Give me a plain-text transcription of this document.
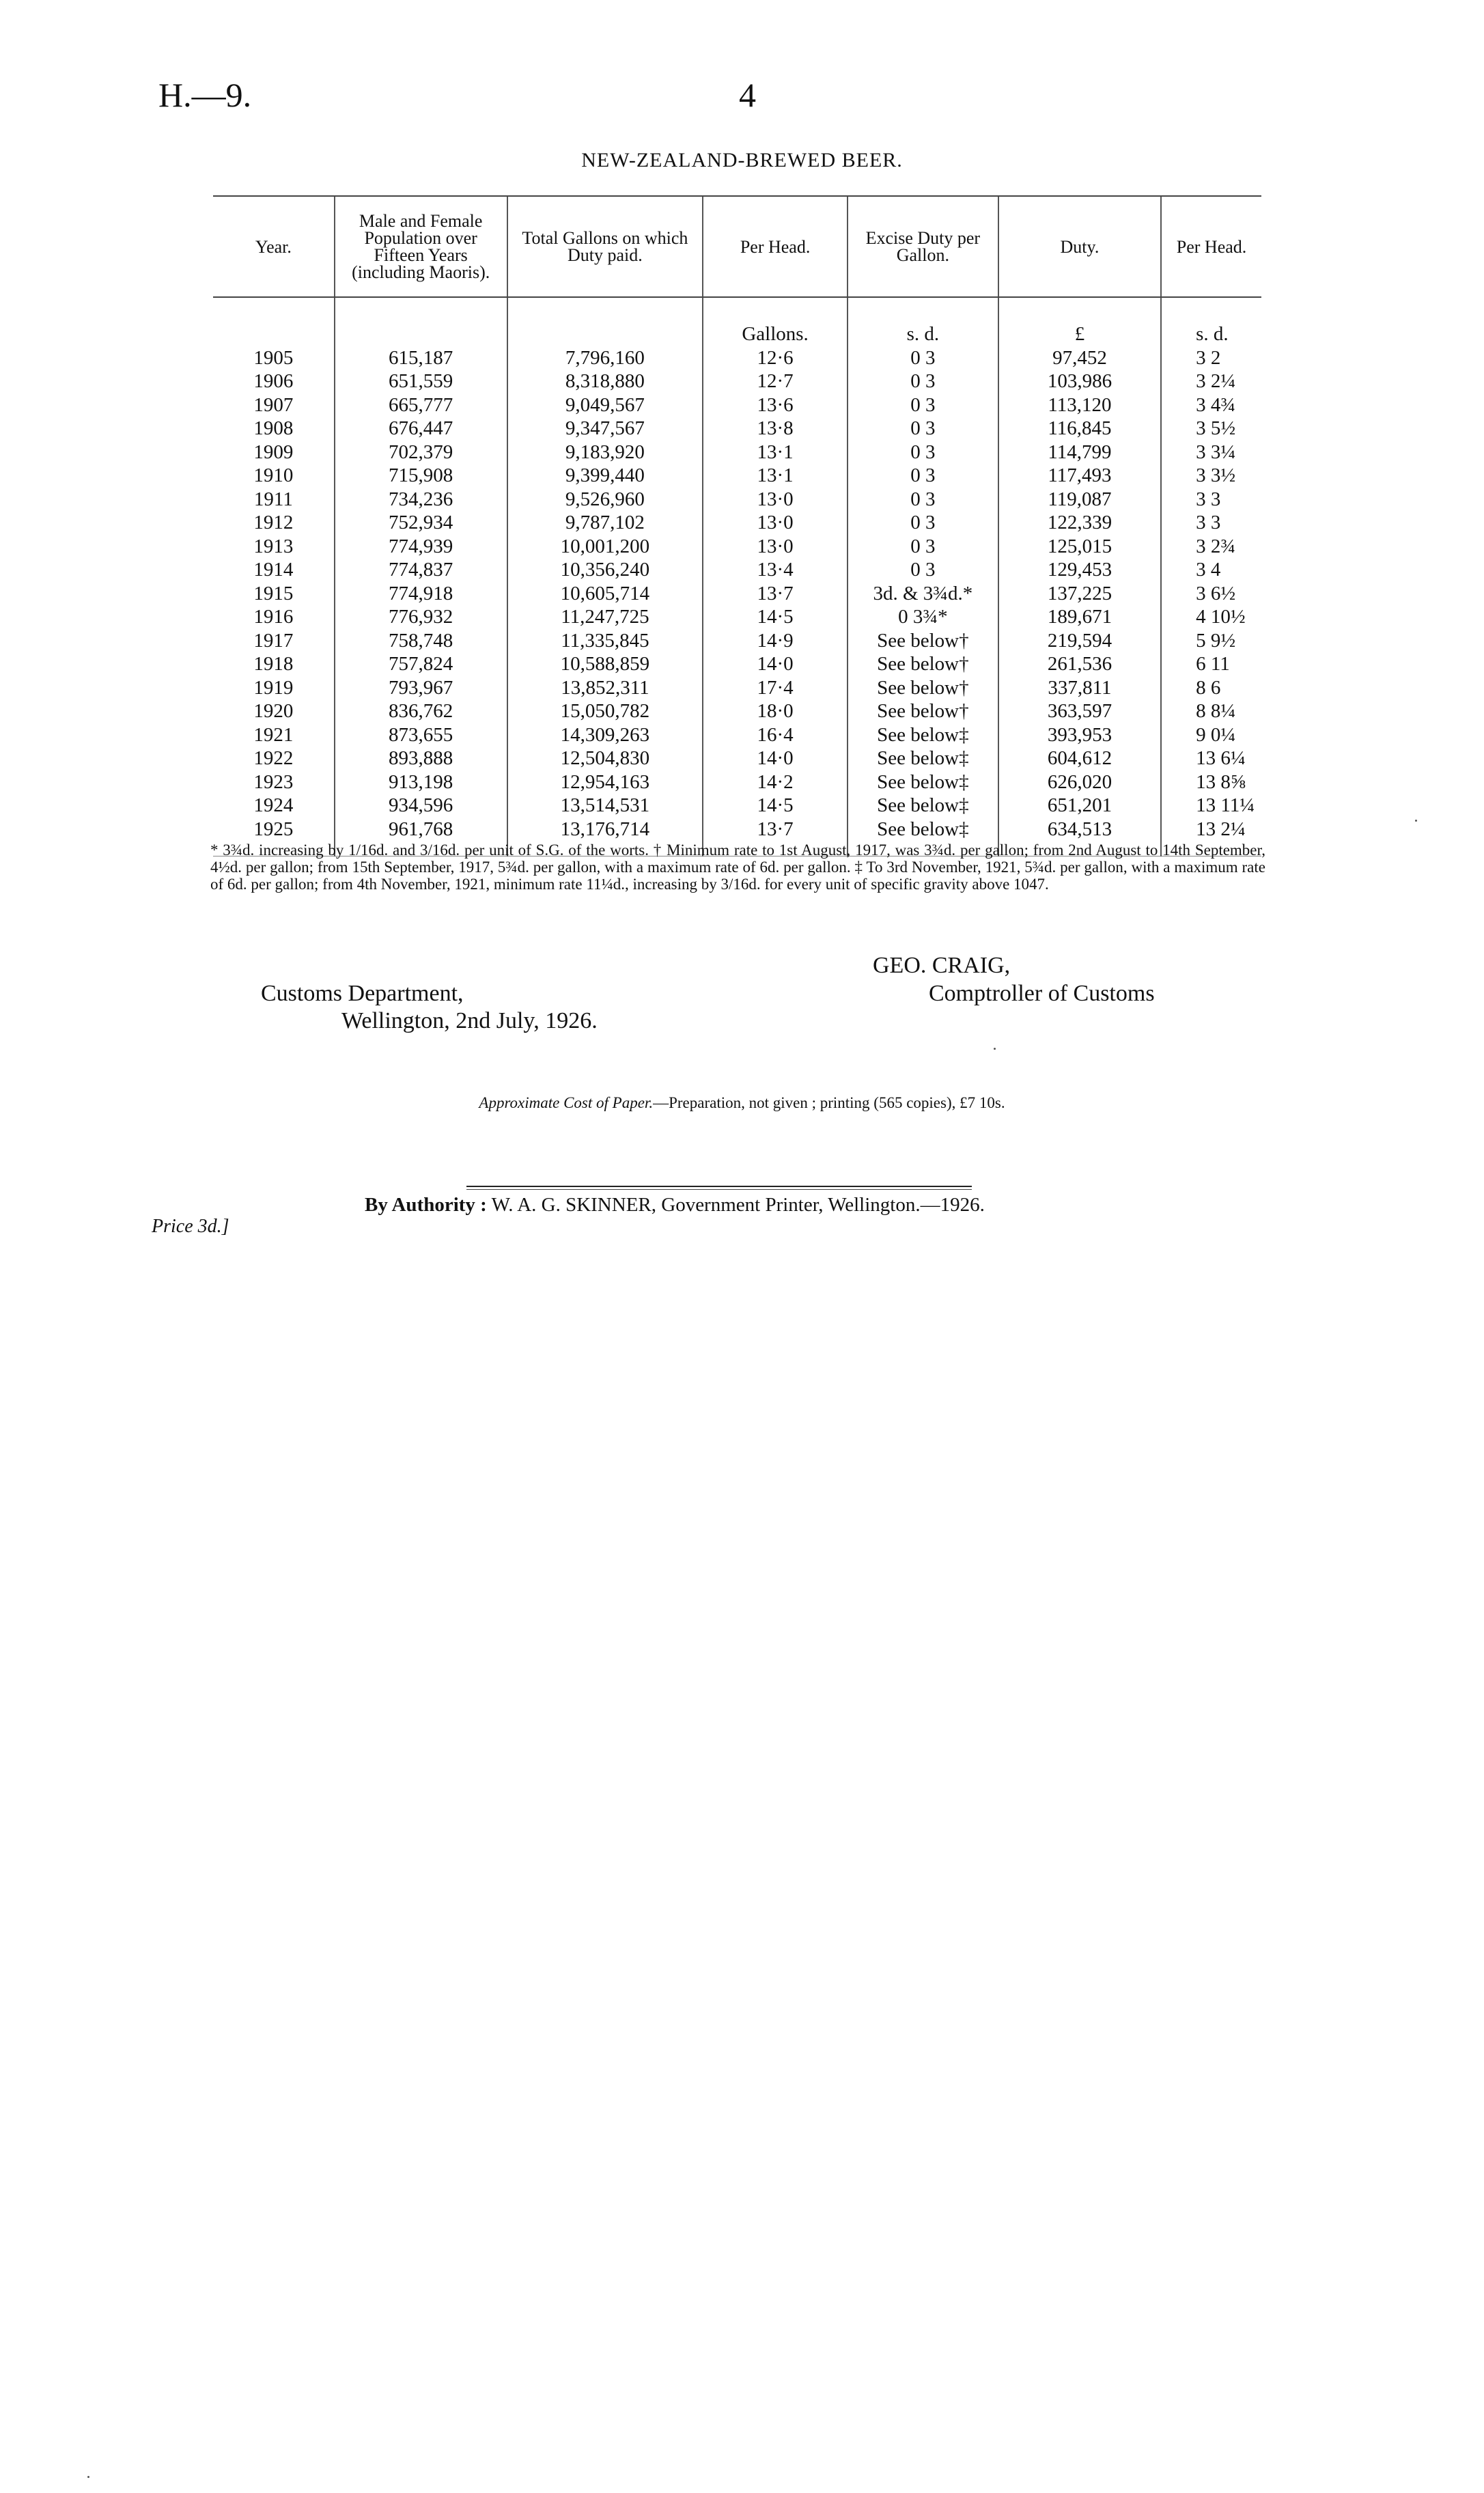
H.—9.	4
NEW-ZEALAND-BREWED BEER.
Year.	Male and Female Population over Fifteen Years (including Maoris).	Total Gallons on which Duty paid.	Per Head.	Excise Duty per Gallon.	Duty.	Per Head.
			Gallons.	s. d.	£	s. d.
1905	615,187	7,796,160	12·6	0 3	97,452	3 2
1906	651,559	8,318,880	12·7	0 3	103,986	3 2¼
1907	665,777	9,049,567	13·6	0 3	113,120	3 4¾
1908	676,447	9,347,567	13·8	0 3	116,845	3 5½
1909	702,379	9,183,920	13·1	0 3	114,799	3 3¼
1910	715,908	9,399,440	13·1	0 3	117,493	3 3½
1911	734,236	9,526,960	13·0	0 3	119,087	3 3
1912	752,934	9,787,102	13·0	0 3	122,339	3 3
1913	774,939	10,001,200	13·0	0 3	125,015	3 2¾
1914	774,837	10,356,240	13·4	0 3	129,453	3 4
1915	774,918	10,605,714	13·7	3d. & 3¾d.*	137,225	3 6½
1916	776,932	11,247,725	14·5	0 3¾*	189,671	4 10½
1917	758,748	11,335,845	14·9	See below†	219,594	5 9½
1918	757,824	10,588,859	14·0	See below†	261,536	6 11
1919	793,967	13,852,311	17·4	See below†	337,811	8 6
1920	836,762	15,050,782	18·0	See below†	363,597	8 8¼
1921	873,655	14,309,263	16·4	See below‡	393,953	9 0¼
1922	893,888	12,504,830	14·0	See below‡	604,612	13 6¼
1923	913,198	12,954,163	14·2	See below‡	626,020	13 8⅝
1924	934,596	13,514,531	14·5	See below‡	651,201	13 11¼
1925	961,768	13,176,714	13·7	See below‡	634,513	13 2¼
* 3¾d. increasing by 1/16d. and 3/16d. per unit of S.G. of the worts. † Minimum rate to 1st August, 1917, was 3¾d. per gallon; from 2nd August to 14th September, 4½d. per gallon; from 15th September, 1917, 5¾d. per gallon, with a maximum rate of 6d. per gallon. ‡ To 3rd November, 1921, 5¾d. per gallon, with a maximum rate of 6d. per gallon; from 4th November, 1921, minimum rate 11¼d., increasing by 3/16d. for every unit of specific gravity above 1047.
GEO. CRAIG,
Comptroller of Customs
Customs Department,
Wellington, 2nd July, 1926.
Approximate Cost of Paper.—Preparation, not given ; printing (565 copies), £7 10s.
By Authority : W. A. G. SKINNER, Government Printer, Wellington.—1926.
Price 3d.]
